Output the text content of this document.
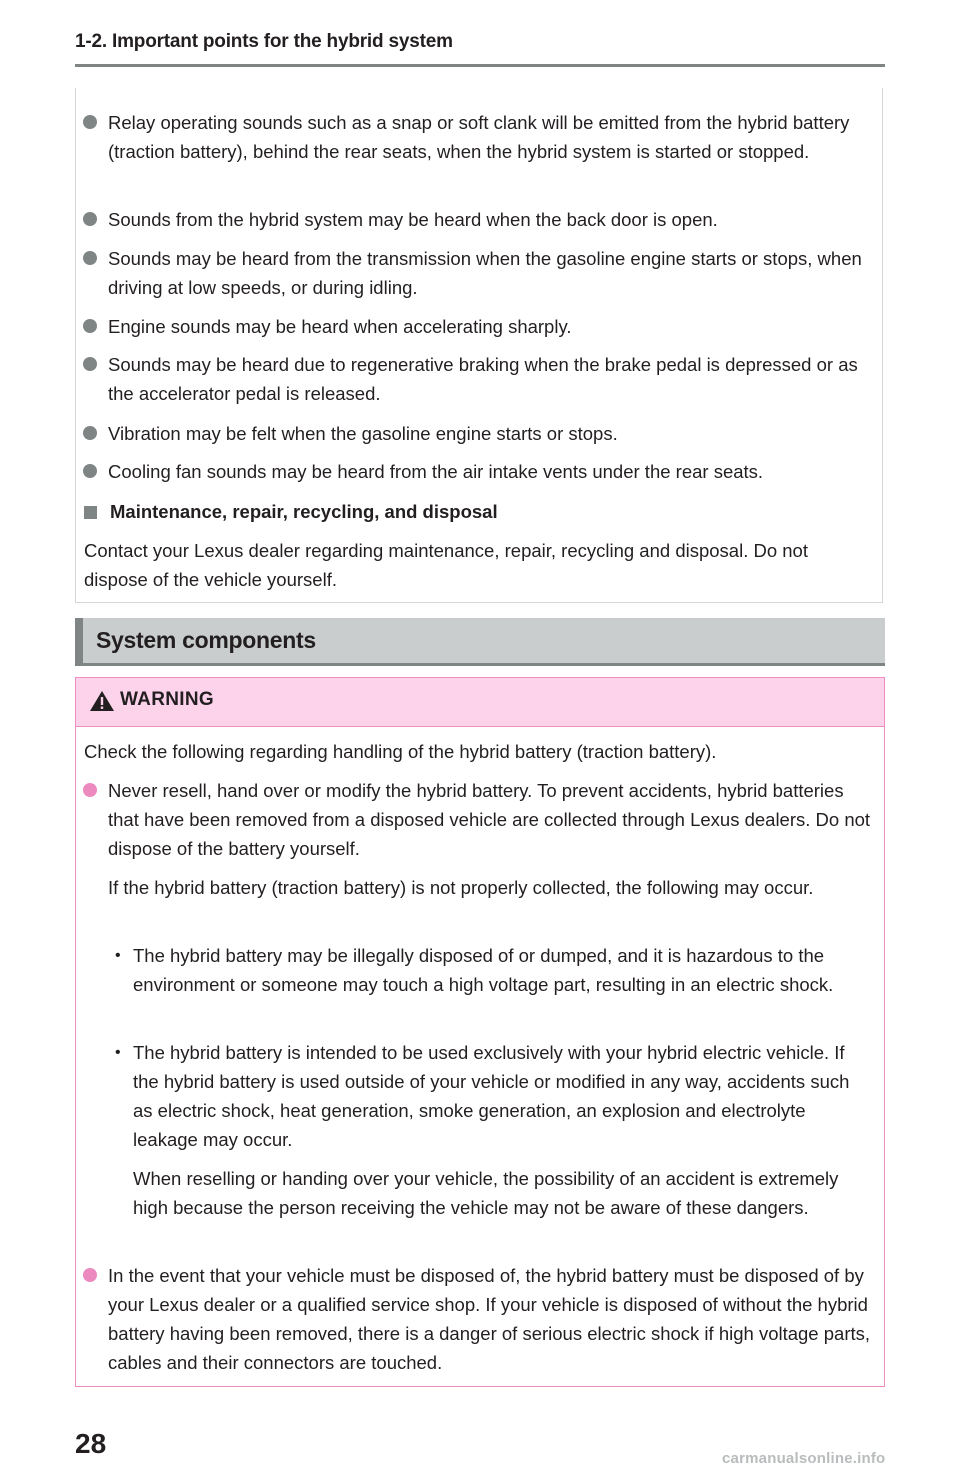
1-2. Important points for the hybrid system
Relay operating sounds such as a snap or soft clank will be emitted from the hybrid battery (traction battery), behind the rear seats, when the hybrid system is started or stopped.
Sounds from the hybrid system may be heard when the back door is open.
Sounds may be heard from the transmission when the gasoline engine starts or stops, when driving at low speeds, or during idling.
Engine sounds may be heard when accelerating sharply.
Sounds may be heard due to regenerative braking when the brake pedal is depressed or as the accelerator pedal is released.
Vibration may be felt when the gasoline engine starts or stops.
Cooling fan sounds may be heard from the air intake vents under the rear seats.
Maintenance, repair, recycling, and disposal
Contact your Lexus dealer regarding maintenance, repair, recycling and disposal. Do not dispose of the vehicle yourself.
System components
WARNING
Check the following regarding handling of the hybrid battery (traction battery).
Never resell, hand over or modify the hybrid battery. To prevent accidents, hybrid batteries that have been removed from a disposed vehicle are collected through Lexus dealers. Do not dispose of the battery yourself.
If the hybrid battery (traction battery) is not properly collected, the following may occur.
• The hybrid battery may be illegally disposed of or dumped, and it is hazardous to the environment or someone may touch a high voltage part, resulting in an electric shock.
• The hybrid battery is intended to be used exclusively with your hybrid electric vehicle. If the hybrid battery is used outside of your vehicle or modified in any way, accidents such as electric shock, heat generation, smoke generation, an explosion and electrolyte leakage may occur.
When reselling or handing over your vehicle, the possibility of an accident is extremely high because the person receiving the vehicle may not be aware of these dangers.
In the event that your vehicle must be disposed of, the hybrid battery must be disposed of by your Lexus dealer or a qualified service shop. If your vehicle is disposed of without the hybrid battery having been removed, there is a danger of serious electric shock if high voltage parts, cables and their connectors are touched.
28	carmanualsonline.info
